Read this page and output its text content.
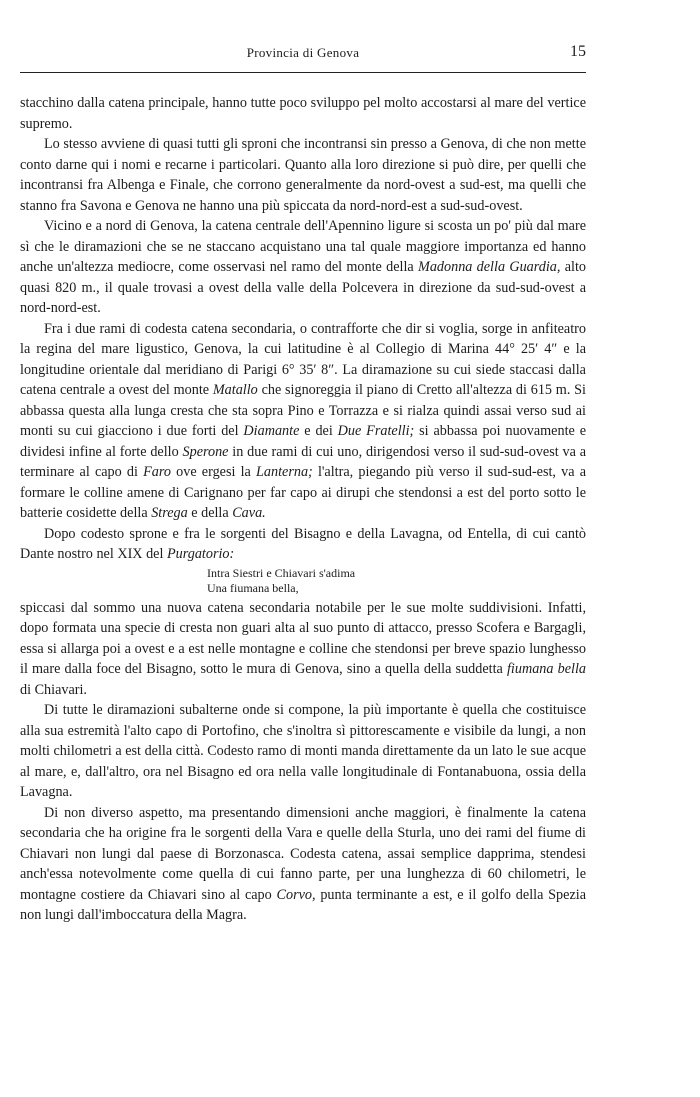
Provincia di Genova	15

stacchino dalla catena principale, hanno tutte poco sviluppo pel molto accostarsi al mare del vertice supremo.

Lo stesso avviene di quasi tutti gli sproni che incontransi sin presso a Genova, di che non mette conto darne qui i nomi e recarne i particolari. Quanto alla loro direzione si può dire, per quelli che incontransi fra Albenga e Finale, che corrono generalmente da nord-ovest a sud-est, ma quelli che stanno fra Savona e Genova ne hanno una più spiccata da nord-nord-est a sud-sud-ovest.

Vicino e a nord di Genova, la catena centrale dell'Apennino ligure si scosta un po' più dal mare sì che le diramazioni che se ne staccano acquistano una tal quale maggiore importanza ed hanno anche un'altezza mediocre, come osservasi nel ramo del monte della Madonna della Guardia, alto quasi 820 m., il quale trovasi a ovest della valle della Polcevera in direzione da sud-sud-ovest a nord-nord-est.

Fra i due rami di codesta catena secondaria, o contrafforte che dir si voglia, sorge in anfiteatro la regina del mare ligustico, Genova, la cui latitudine è al Collegio di Marina 44° 25′ 4″ e la longitudine orientale dal meridiano di Parigi 6° 35′ 8″. La diramazione su cui siede staccasi dalla catena centrale a ovest del monte Matallo che signoreggia il piano di Cretto all'altezza di 615 m. Si abbassa questa alla lunga cresta che sta sopra Pino e Torrazza e si rialza quindi assai verso sud ai monti su cui giacciono i due forti del Diamante e dei Due Fratelli; si abbassa poi nuovamente e dividesi infine al forte dello Sperone in due rami di cui uno, dirigendosi verso il sud-sud-ovest va a terminare al capo di Faro ove ergesi la Lanterna; l'altra, piegando più verso il sud-sud-est, va a formare le colline amene di Carignano per far capo ai dirupi che stendonsi a est del porto sotto le batterie cosidette della Strega e della Cava.

Dopo codesto sprone e fra le sorgenti del Bisagno e della Lavagna, od Entella, di cui cantò Dante nostro nel XIX del Purgatorio:

Intra Siestri e Chiavari s'adima
Una fiumana bella,

spiccasi dal sommo una nuova catena secondaria notabile per le sue molte suddivisioni. Infatti, dopo formata una specie di cresta non guari alta al suo punto di attacco, presso Scofera e Bargagli, essa si allarga poi a ovest e a est nelle montagne e colline che stendonsi per breve spazio lunghesso il mare dalla foce del Bisagno, sotto le mura di Genova, sino a quella della suddetta fiumana bella di Chiavari.

Di tutte le diramazioni subalterne onde si compone, la più importante è quella che costituisce alla sua estremità l'alto capo di Portofino, che s'inoltra sì pittorescamente e visibile da lungi, a non molti chilometri a est della città. Codesto ramo di monti manda direttamente da un lato le sue acque al mare, e, dall'altro, ora nel Bisagno ed ora nella valle longitudinale di Fontanabuona, ossia della Lavagna.

Di non diverso aspetto, ma presentando dimensioni anche maggiori, è finalmente la catena secondaria che ha origine fra le sorgenti della Vara e quelle della Sturla, uno dei rami del fiume di Chiavari non lungi dal paese di Borzonasca. Codesta catena, assai semplice dapprima, stendesi anch'essa notevolmente come quella di cui fanno parte, per una lunghezza di 60 chilometri, le montagne costiere da Chiavari sino al capo Corvo, punta terminante a est, e il golfo della Spezia non lungi dall'imboccatura della Magra.
